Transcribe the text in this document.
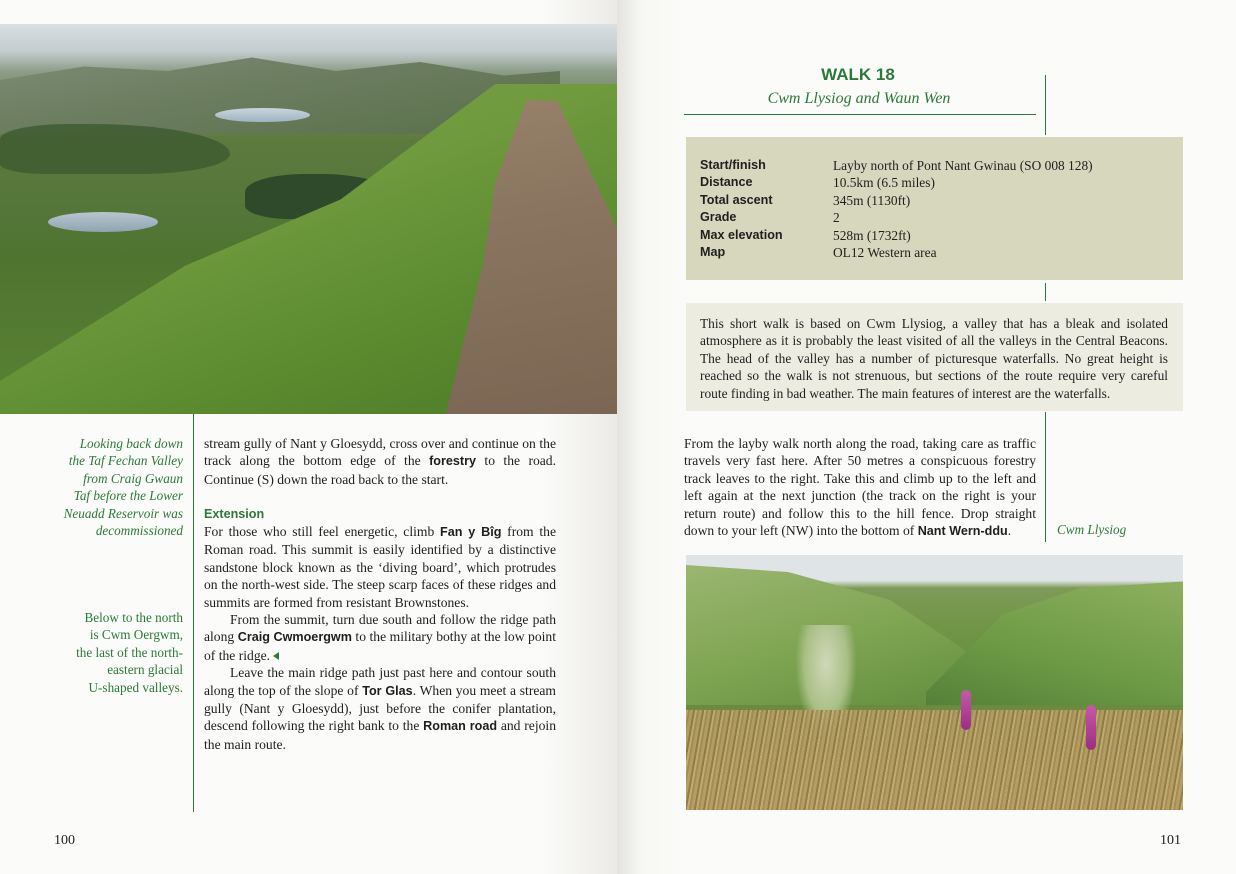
Looking back down
the Taf Fechan Valley
from Craig Gwaun
Taf before the Lower
Neuadd Reservoir was
decommissioned
Below to the north
is Cwm Oergwm,
the last of the north-
eastern glacial
U-shaped valleys.

stream gully of Nant y Gloesydd, cross over and continue on the track along the bottom edge of the forestry to the road. Continue (S) down the road back to the start.

Extension

For those who still feel energetic, climb Fan y Bîg from the Roman road. This summit is easily identified by a distinctive sandstone block known as the ‘diving board’, which protrudes on the north-west side. The steep scarp faces of these ridges and summits are formed from resistant Brownstones.

From the summit, turn due south and follow the ridge path along Craig Cwmoergwm to the military bothy at the low point of the ridge.

Leave the main ridge path just past here and contour south along the top of the slope of Tor Glas. When you meet a stream gully (Nant y Gloesydd), just before the conifer plantation, descend following the right bank to the Roman road and rejoin the main route.

100
WALK 18
Cwm Llysiog and Waun Wen
Start/finish	Layby north of Pont Nant Gwinau (SO 008 128)
Distance	10.5km (6.5 miles)
Total ascent	345m (1130ft)
Grade	2
Max elevation	528m (1732ft)
Map	OL12 Western area

This short walk is based on Cwm Llysiog, a valley that has a bleak and isolated atmosphere as it is probably the least visited of all the valleys in the Central Beacons. The head of the valley has a number of picturesque waterfalls. No great height is reached so the walk is not strenuous, but sections of the route require very careful route finding in bad weather. The main features of interest are the waterfalls.

From the layby walk north along the road, taking care as traffic travels very fast here. After 50 metres a conspicuous forestry track leaves to the right. Take this and climb up to the left and left again at the next junction (the track on the right is your return route) and follow this to the hill fence. Drop straight down to your left (NW) into the bottom of Nant Wern-ddu.	Cwm Llysiog
101
